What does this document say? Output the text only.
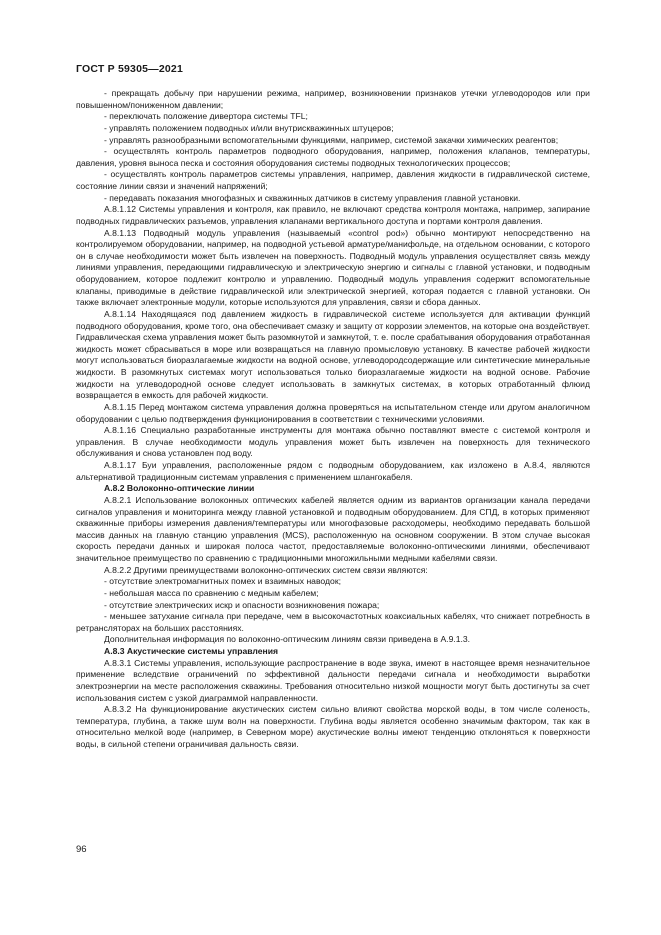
ГОСТ Р 59305—2021

- прекращать добычу при нарушении режима, например, возникновении признаков утечки углеводородов или при повышенном/пониженном давлении;

- переключать положение дивертора системы TFL;

- управлять положением подводных и/или внутрискважинных штуцеров;

- управлять разнообразными вспомогательными функциями, например, системой закачки химических реагентов;

- осуществлять контроль параметров подводного оборудования, например, положения клапанов, температуры, давления, уровня выноса песка и состояния оборудования системы подводных технологических процессов;

- осуществлять контроль параметров системы управления, например, давления жидкости в гидравлической системе, состояние линии связи и значений напряжений;

- передавать показания многофазных и скважинных датчиков в систему управления главной установки.

А.8.1.12 Системы управления и контроля, как правило, не включают средства контроля монтажа, например, запирание подводных гидравлических разъемов, управления клапанами вертикального доступа и портами контроля давления.

А.8.1.13 Подводный модуль управления (называемый «control pod») обычно монтируют непосредственно на контролируемом оборудовании, например, на подводной устьевой арматуре/манифольде, на отдельном основании, с которого он в случае необходимости может быть извлечен на поверхность. Подводный модуль управления осуществляет связь между линиями управления, передающими гидравлическую и электрическую энергию и сигналы с главной установки, и подводным оборудованием, которое подлежит контролю и управлению. Подводный модуль управления содержит вспомогательные клапаны, приводимые в действие гидравлической или электрической энергией, которая подается с главной установки. Он также включает электронные модули, которые используются для управления, связи и сбора данных.

А.8.1.14 Находящаяся под давлением жидкость в гидравлической системе используется для активации функций подводного оборудования, кроме того, она обеспечивает смазку и защиту от коррозии элементов, на которые она воздействует. Гидравлическая схема управления может быть разомкнутой и замкнутой, т. е. после срабатывания оборудования отработанная жидкость может сбрасываться в море или возвращаться на главную промысловую установку. В качестве рабочей жидкости могут использоваться биоразлагаемые жидкости на водной основе, углеводородсодержащие или синтетические минеральные жидкости. В разомкнутых системах могут использоваться только биоразлагаемые жидкости на водной основе. Рабочие жидкости на углеводородной основе следует использовать в замкнутых системах, в которых отработанный флюид возвращается в емкость для рабочей жидкости.

А.8.1.15 Перед монтажом система управления должна проверяться на испытательном стенде или другом аналогичном оборудовании с целью подтверждения функционирования в соответствии с техническими условиями.

А.8.1.16 Специально разработанные инструменты для монтажа обычно поставляют вместе с системой контроля и управления. В случае необходимости модуль управления может быть извлечен на поверхность для технического обслуживания и снова установлен под воду.

А.8.1.17 Буи управления, расположенные рядом с подводным оборудованием, как изложено в А.8.4, являются альтернативой традиционным системам управления с применением шлангокабеля.

А.8.2 Волоконно-оптические линии

А.8.2.1 Использование волоконных оптических кабелей является одним из вариантов организации канала передачи сигналов управления и мониторинга между главной установкой и подводным оборудованием. Для СПД, в которых применяют скважинные приборы измерения давления/температуры или многофазовые расходомеры, необходимо передавать большой массив данных на главную станцию управления (MCS), расположенную на основном сооружении. В этом случае высокая скорость передачи данных и широкая полоса частот, предоставляемые волоконно-оптическими линиями, обеспечивают значительное преимущество по сравнению с традиционными многожильными медными кабелями связи.

А.8.2.2 Другими преимуществами волоконно-оптических систем связи являются:

- отсутствие электромагнитных помех и взаимных наводок;

- небольшая масса по сравнению с медным кабелем;

- отсутствие электрических искр и опасности возникновения пожара;

- меньшее затухание сигнала при передаче, чем в высокочастотных коаксиальных кабелях, что снижает потребность в ретрансляторах на больших расстояниях.

Дополнительная информация по волоконно-оптическим линиям связи приведена в А.9.1.3.

А.8.3 Акустические системы управления

А.8.3.1 Системы управления, использующие распространение в воде звука, имеют в настоящее время незначительное применение вследствие ограничений по эффективной дальности передачи сигнала и необходимости выработки электроэнергии на месте расположения скважины. Требования относительно низкой мощности могут быть достигнуты за счет использования систем с узкой диаграммой направленности.

А.8.3.2 На функционирование акустических систем сильно влияют свойства морской воды, в том числе соленость, температура, глубина, а также шум волн на поверхности. Глубина воды является особенно значимым фактором, так как в относительно мелкой воде (например, в Северном море) акустические волны имеют тенденцию отклоняться к поверхности воды, в сильной степени ограничивая дальность связи.

96
